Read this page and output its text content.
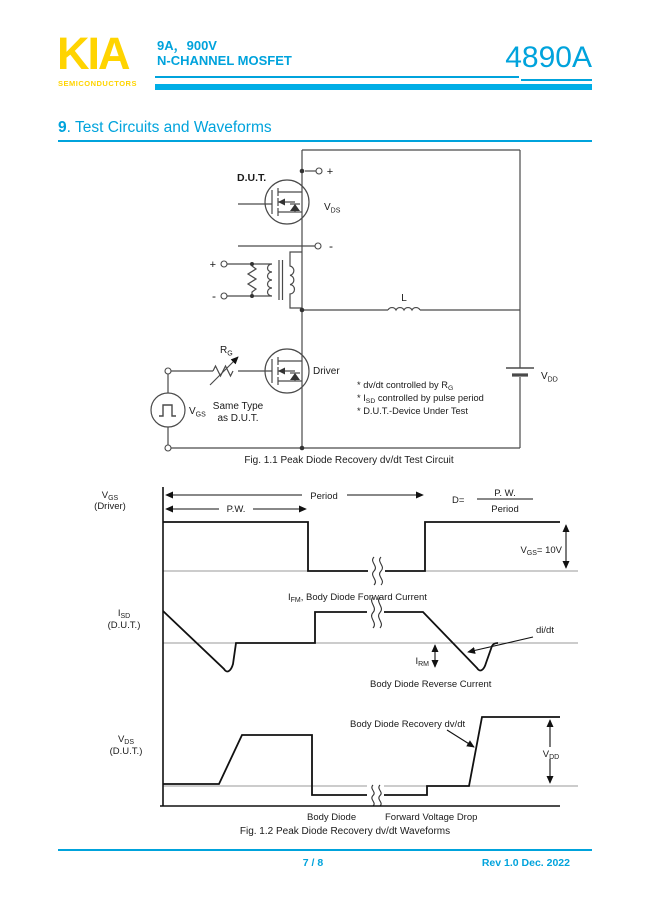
KIA
SEMICONDUCTORS
9A，900V
N-CHANNEL MOSFET	4890A
9. Test Circuits and Waveforms
D.U.T.	+
$V_{DS}$
-
+
-
$R_G$
Driver
Same Type
as D.U.T.
$V_{GS}$
L
$V_{DD}$
* dv/dt controlled by $R_G$
* $I_{SD}$ controlled by pulse period
* D.U.T.-Device Under Test
Fig. 1.1 Peak Diode Recovery dv/dt Test Circuit
$V_{GS}$
(Driver)	P.W.
Period	D=
P. W.
Period
$V_{GS}= 10V$
$I_{SD}$
(D.U.T.)
$I_{FM}$, Body Diode Forward Current
di/dt
$I_{RM}$
Body Diode Reverse Current
$V_{DS}$
(D.U.T.)
Body Diode Recovery dv/dt
$V_{DD}$
Body Diode	Forward Voltage Drop
Fig. 1.2 Peak Diode Recovery dv/dt Waveforms
7 / 8	Rev 1.0 Dec. 2022
